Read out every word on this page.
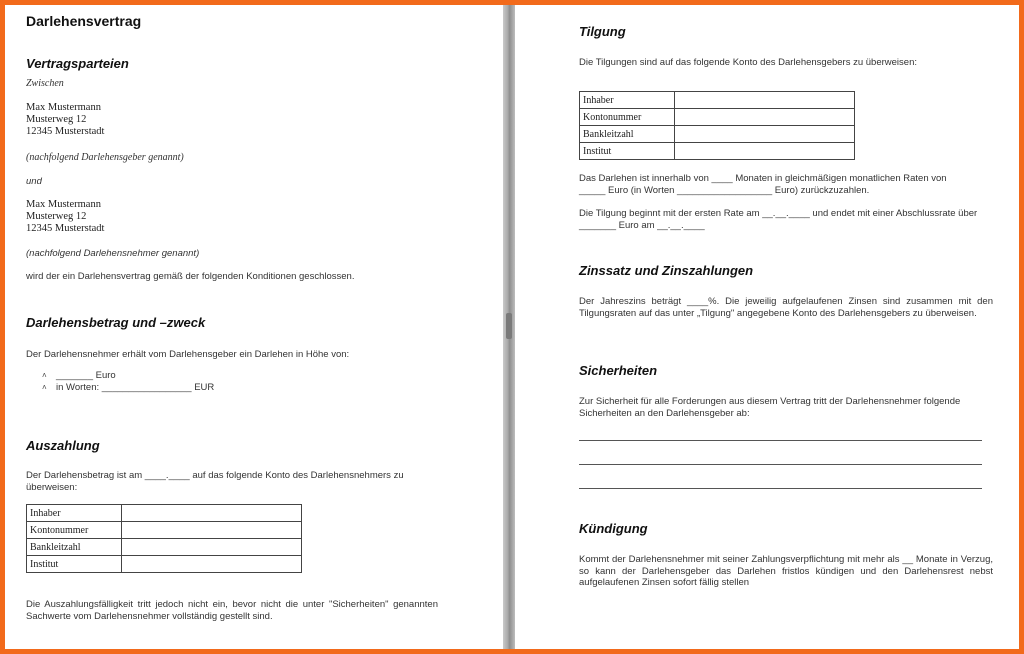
Darlehensvertrag
Vertragsparteien
Zwischen
Max Mustermann
Musterweg 12
12345 Musterstadt
(nachfolgend Darlehensgeber genannt)
und
Max Mustermann
Musterweg 12
12345 Musterstadt
(nachfolgend Darlehensnehmer genannt)
wird der ein Darlehensvertrag gemäß der folgenden Konditionen geschlossen.
Darlehensbetrag und –zweck
Der Darlehensnehmer erhält vom Darlehensgeber ein Darlehen in Höhe von:
˄ _______ Euro
˄ in Worten: _________________ EUR
Auszahlung
Der Darlehensbetrag ist am ____.____ auf das folgende Konto des Darlehensnehmers zu überweisen:
Inhaber	
Kontonummer	
Bankleitzahl	
Institut	
Die Auszahlungsfälligkeit tritt jedoch nicht ein, bevor nicht die unter "Sicherheiten" genannten Sachwerte vom Darlehensnehmer vollständig gestellt sind.
Tilgung
Die Tilgungen sind auf das folgende Konto des Darlehensgebers zu überweisen:
Inhaber	
Kontonummer	
Bankleitzahl	
Institut	
Das Darlehen ist innerhalb von ____ Monaten in gleichmäßigen monatlichen Raten von _____ Euro (in Worten __________________ Euro) zurückzuzahlen.
Die Tilgung beginnt mit der ersten Rate am __.__.____ und endet mit einer Abschlussrate über _______ Euro am __.__.____
Zinssatz und Zinszahlungen
Der Jahreszins beträgt ____%. Die jeweilig aufgelaufenen Zinsen sind zusammen mit den Tilgungsraten auf das unter „Tilgung" angegebene Konto des Darlehensgebers zu überweisen.
Sicherheiten
Zur Sicherheit für alle Forderungen aus diesem Vertrag tritt der Darlehensnehmer folgende Sicherheiten an den Darlehensgeber ab:
Kündigung
Kommt der Darlehensnehmer mit seiner Zahlungsverpflichtung mit mehr als __ Monate in Verzug, so kann der Darlehensgeber das Darlehen fristlos kündigen und den Darlehensrest nebst aufgelaufenen Zinsen sofort fällig stellen
